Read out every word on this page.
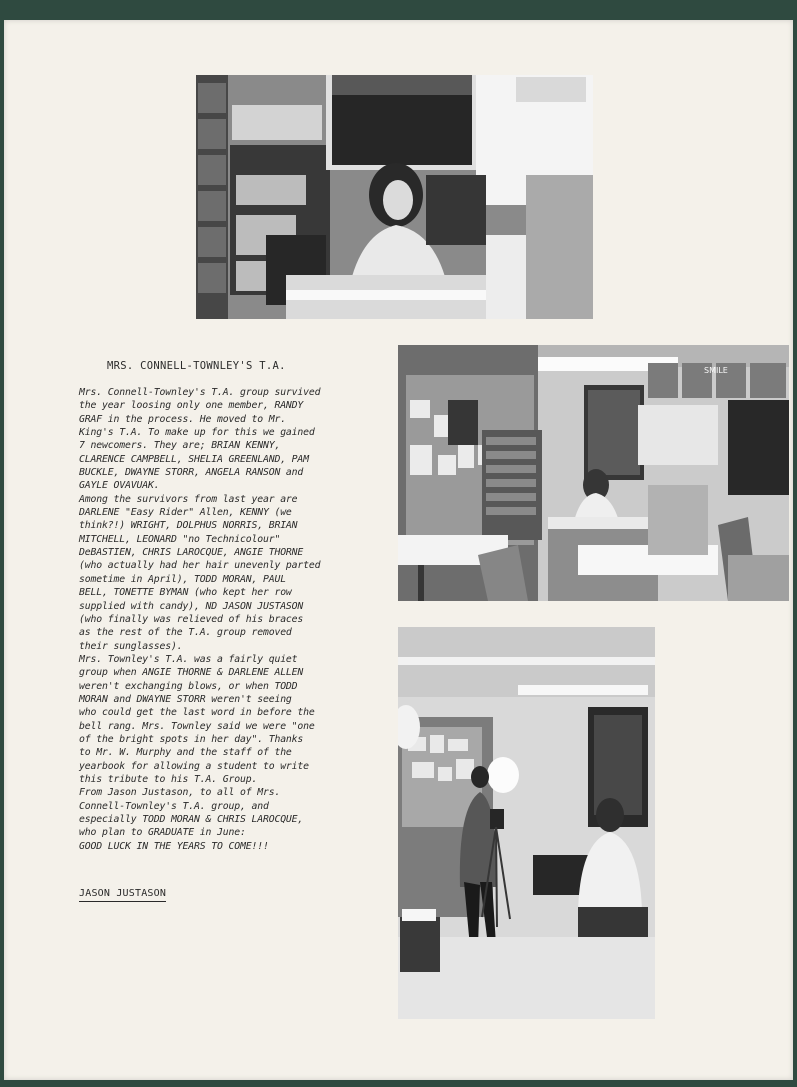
MRS. CONNELL-TOWNLEY'S T.A.	SMILE
Mrs. Connell-Townley's T.A. group survived
the year loosing only one member, RANDY
GRAF in the process. He moved to Mr.
King's T.A. To make up for this we gained
7 newcomers. They are; BRIAN KENNY,
CLARENCE CAMPBELL, SHELIA GREENLAND, PAM
BUCKLE, DWAYNE STORR, ANGELA RANSON and
GAYLE OVAVUAK.
Among the survivors from last year are
DARLENE "Easy Rider" Allen, KENNY (we
think?!) WRIGHT, DOLPHUS NORRIS, BRIAN
MITCHELL, LEONARD "no Technicolour"
DeBASTIEN, CHRIS LAROCQUE, ANGIE THORNE
(who actually had her hair unevenly parted
sometime in April), TODD MORAN, PAUL
BELL, TONETTE BYMAN (who kept her row
supplied with candy), ND JASON JUSTASON
(who finally was relieved of his braces
as the rest of the T.A. group removed
their sunglasses).
Mrs. Townley's T.A. was a fairly quiet
group when ANGIE THORNE & DARLENE ALLEN
weren't exchanging blows, or when TODD
MORAN and DWAYNE STORR weren't seeing
who could get the last word in before the
bell rang. Mrs. Townley said we were "one
of the bright spots in her day". Thanks
to Mr. W. Murphy and the staff of the
yearbook for allowing a student to write
this tribute to his T.A. Group.
From Jason Justason, to all of Mrs.
Connell-Townley's T.A. group, and
especially TODD MORAN & CHRIS LAROCQUE,
who plan to GRADUATE in June:
GOOD LUCK IN THE YEARS TO COME!!!
JASON JUSTASON
